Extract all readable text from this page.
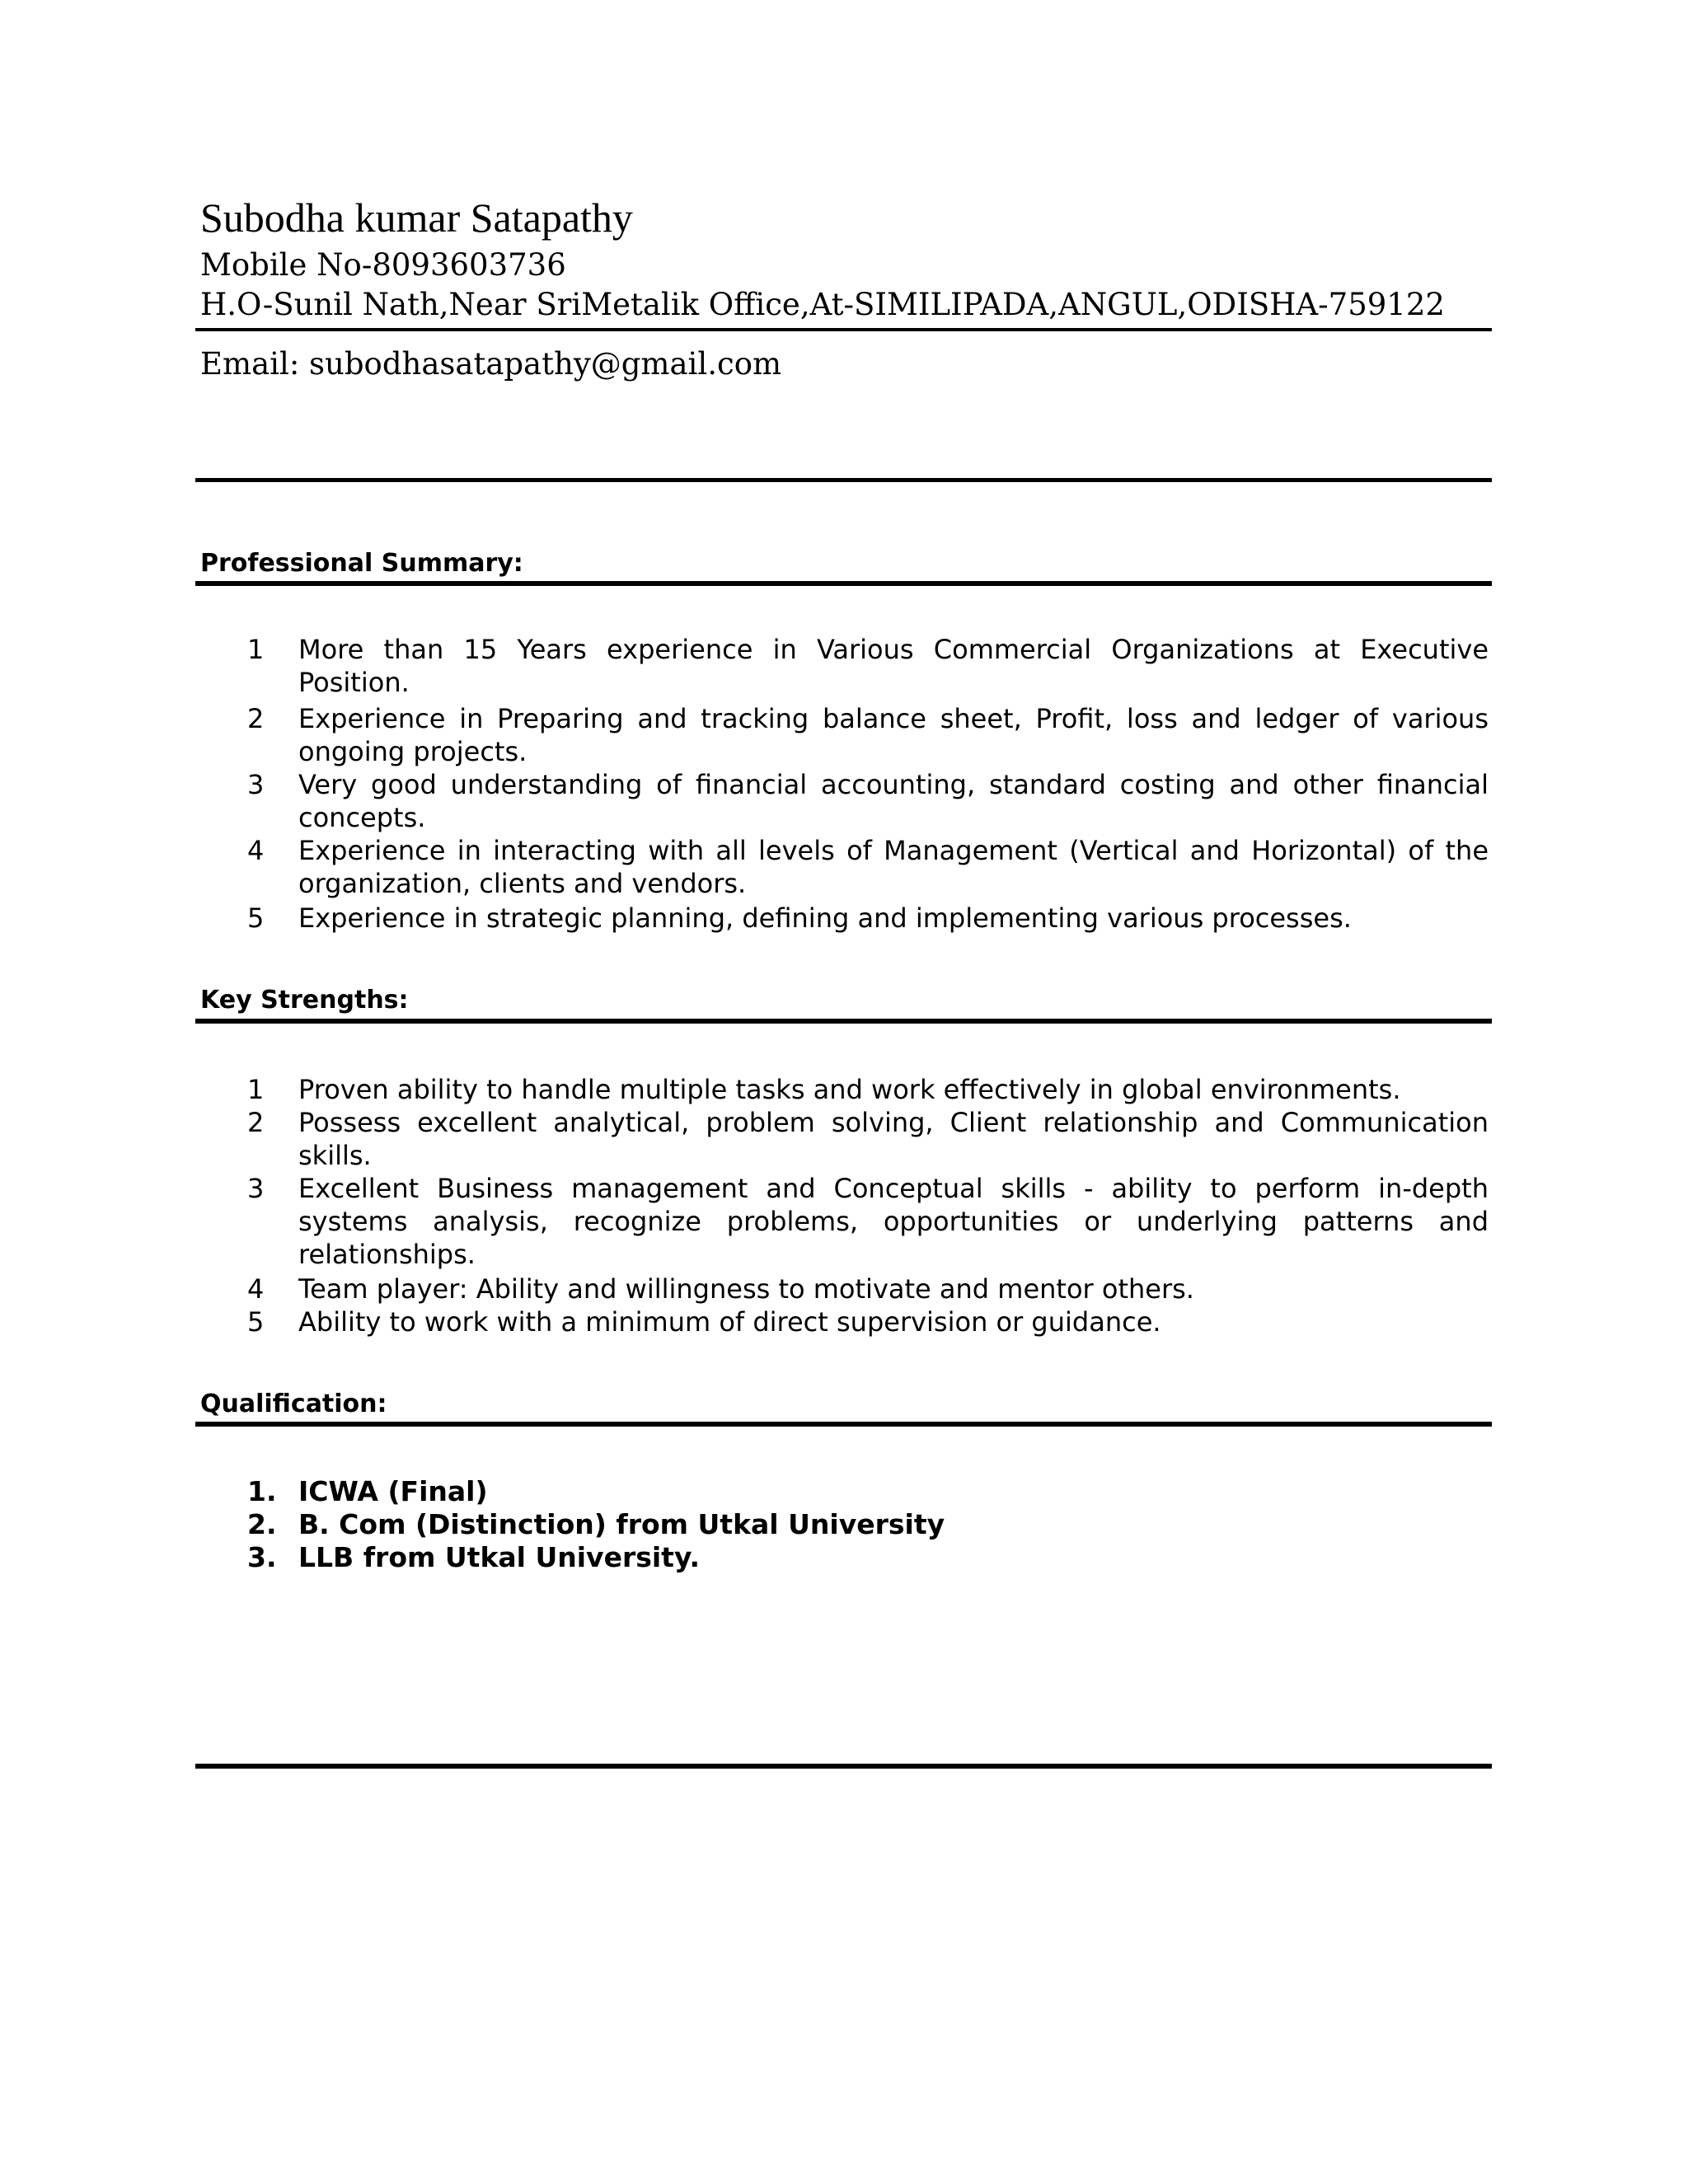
Subodha kumar Satapathy
Mobile No-8093603736
H.O-Sunil Nath,Near SriMetalik Office,At-SIMILIPADA,ANGUL,ODISHA-759122
Email: subodhasatapathy@gmail.com
Professional Summary:
1 More than 15 Years experience in Various Commercial Organizations at Executive Position.
2 Experience in Preparing and tracking balance sheet, Profit, loss and ledger of various ongoing projects.
3 Very good understanding of financial accounting, standard costing and other financial concepts.
4 Experience in interacting with all levels of Management (Vertical and Horizontal) of the organization, clients and vendors.
5 Experience in strategic planning, defining and implementing various processes.
Key Strengths:
1 Proven ability to handle multiple tasks and work effectively in global environments.
2 Possess excellent analytical, problem solving, Client relationship and Communication skills.
3 Excellent Business management and Conceptual skills - ability to perform in-depth systems analysis, recognize problems, opportunities or underlying patterns and relationships.
4 Team player: Ability and willingness to motivate and mentor others.
5 Ability to work with a minimum of direct supervision or guidance.
Qualification:
1. ICWA (Final)
2. B. Com (Distinction) from Utkal University
3. LLB from Utkal University.
